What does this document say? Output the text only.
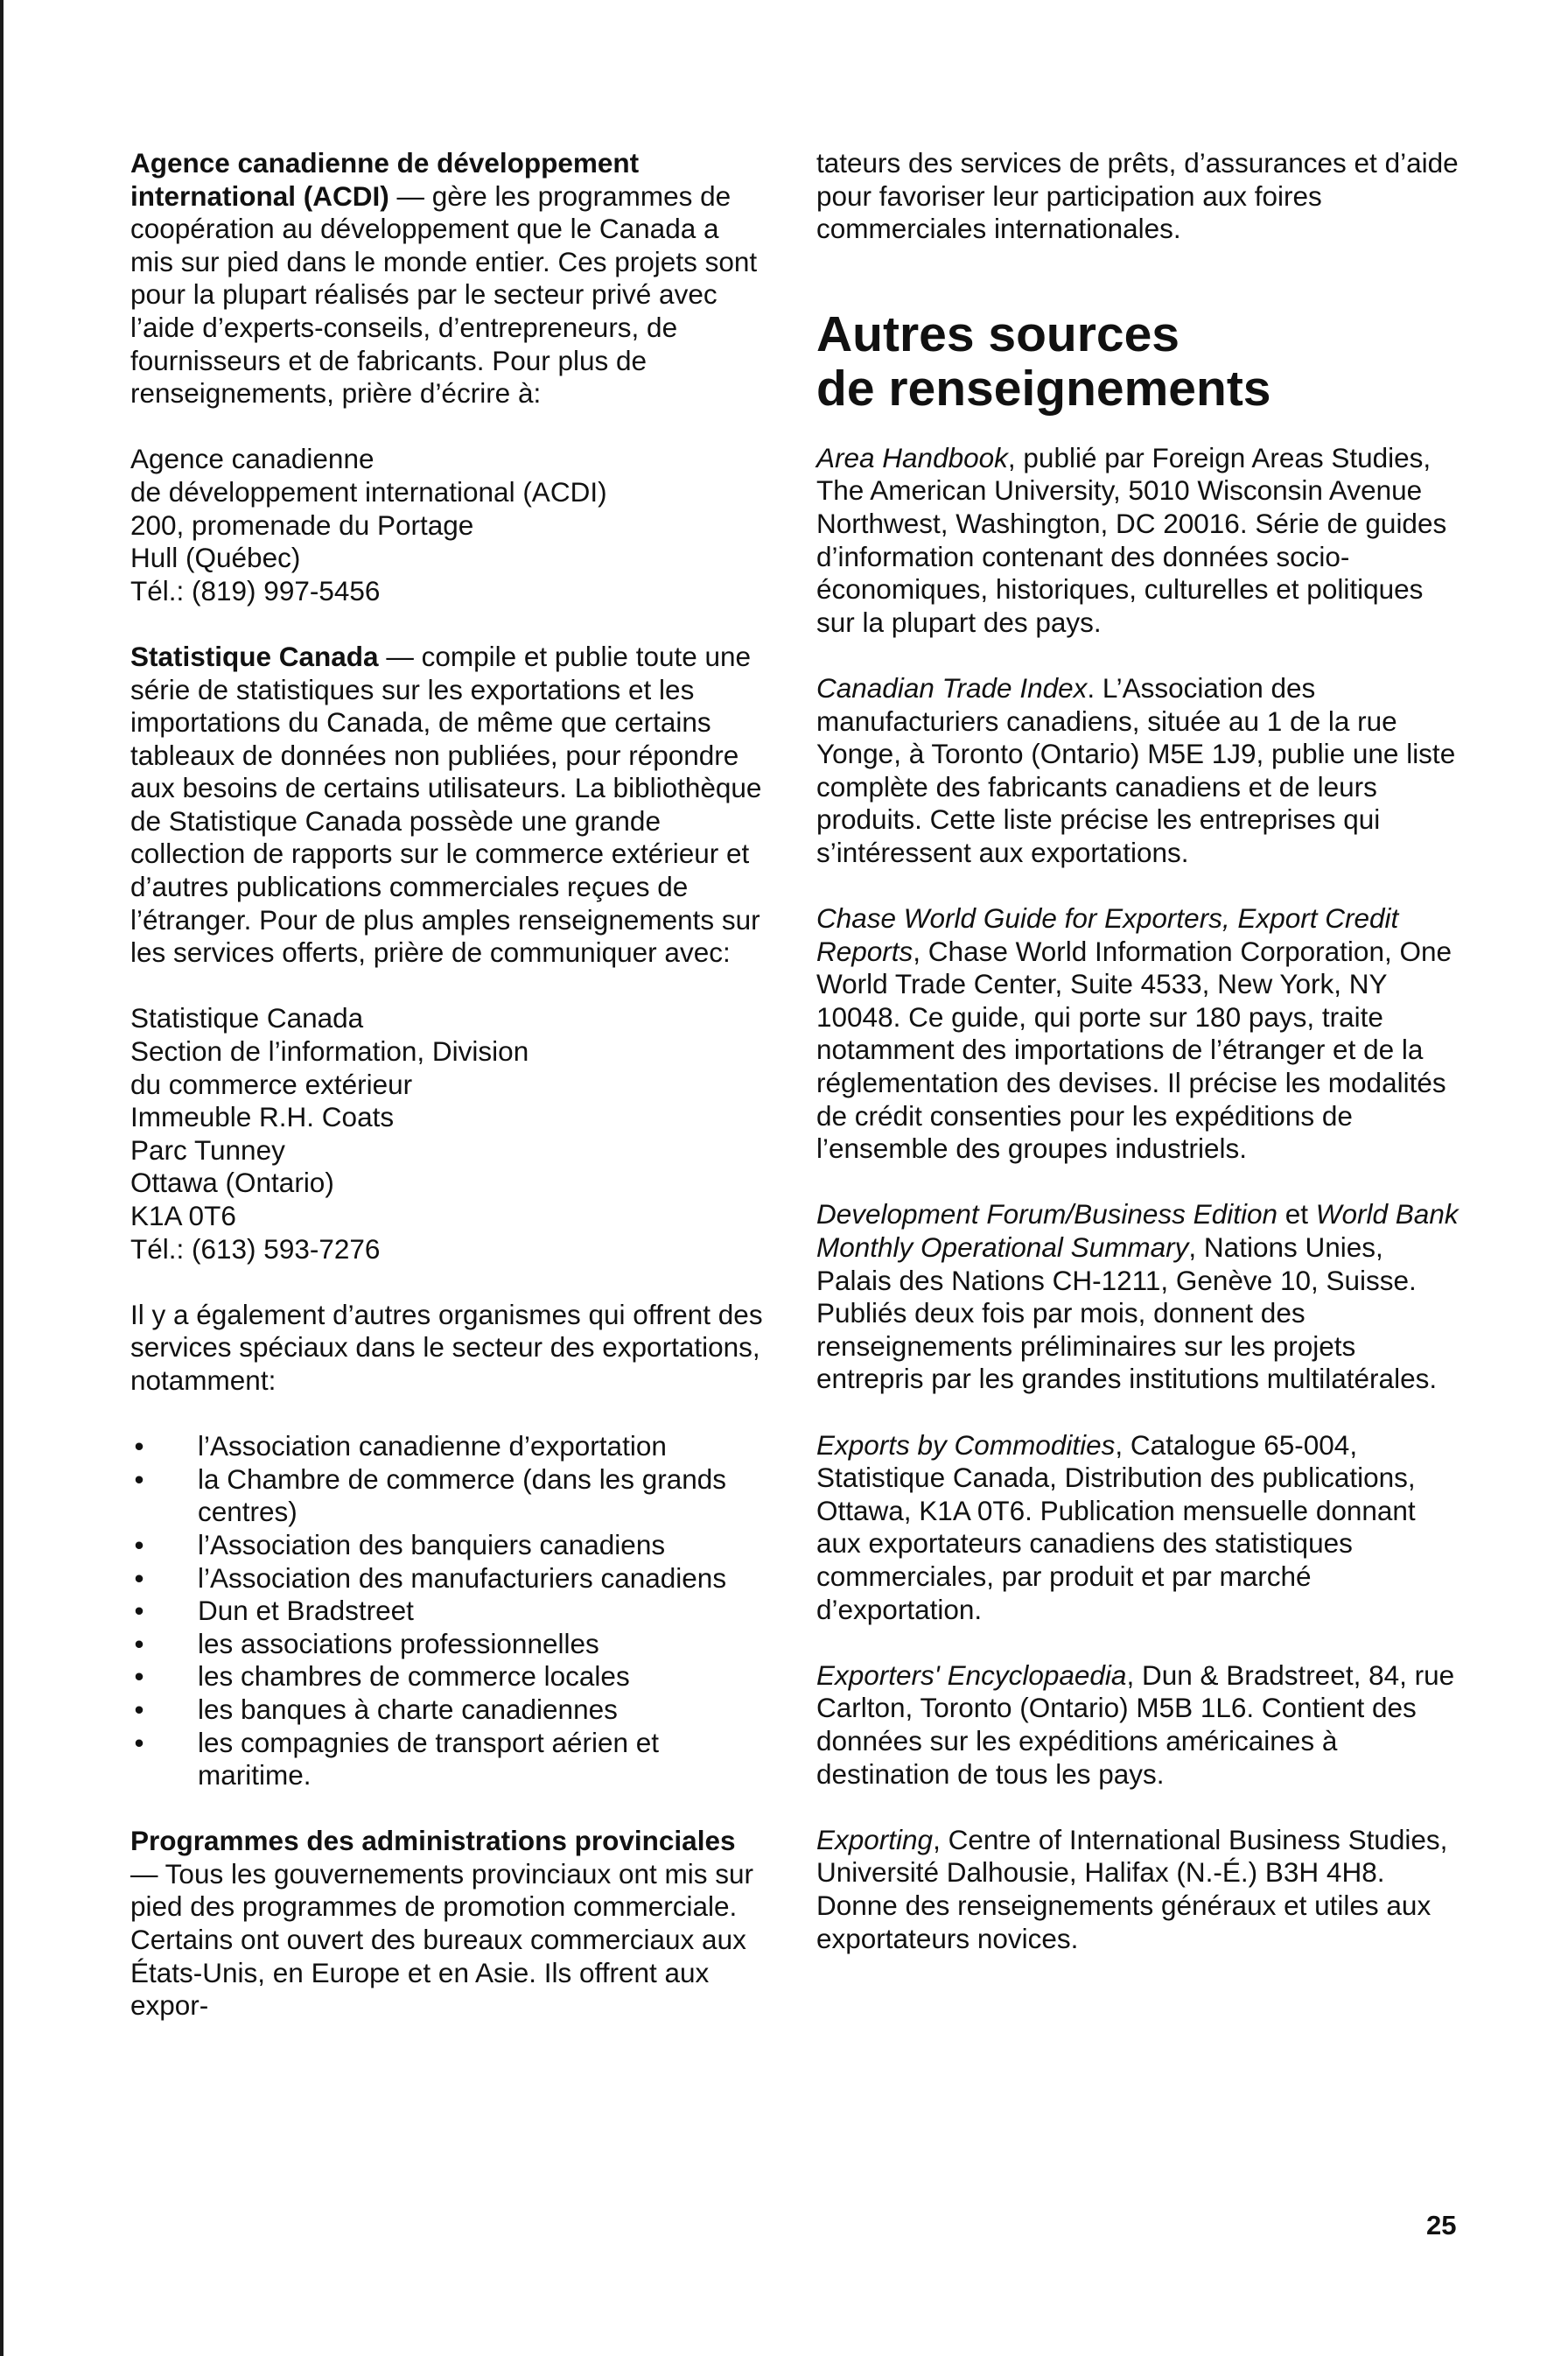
Agence canadienne de développement international (ACDI) — gère les programmes de coopération au développement que le Canada a mis sur pied dans le monde entier. Ces projets sont pour la plupart réalisés par le secteur privé avec l’aide d’experts-conseils, d’entrepreneurs, de fournisseurs et de fabricants. Pour plus de renseignements, prière d’écrire à:

Agence canadienne
de développement international (ACDI)
200, promenade du Portage
Hull (Québec)
Tél.: (819) 997-5456

Statistique Canada — compile et publie toute une série de statistiques sur les exportations et les importations du Canada, de même que certains tableaux de données non publiées, pour répondre aux besoins de certains utilisateurs. La bibliothèque de Statistique Canada possède une grande collection de rapports sur le commerce extérieur et d’autres publications commerciales reçues de l’étranger. Pour de plus amples renseignements sur les services offerts, prière de communiquer avec:

Statistique Canada
Section de l’information, Division
du commerce extérieur
Immeuble R.H. Coats
Parc Tunney
Ottawa (Ontario)
K1A 0T6
Tél.: (613) 593-7276

Il y a également d’autres organismes qui offrent des services spéciaux dans le secteur des exportations, notamment:

• l’Association canadienne d’exportation
• la Chambre de commerce (dans les grands centres)
• l’Association des banquiers canadiens
• l’Association des manufacturiers canadiens
• Dun et Bradstreet
• les associations professionnelles
• les chambres de commerce locales
• les banques à charte canadiennes
• les compagnies de transport aérien et maritime.

Programmes des administrations provinciales — Tous les gouvernements provinciaux ont mis sur pied des programmes de promotion commerciale. Certains ont ouvert des bureaux commerciaux aux États-Unis, en Europe et en Asie. Ils offrent aux expor-

tateurs des services de prêts, d’assurances et d’aide pour favoriser leur participation aux foires commerciales internationales.

Autres sources
de renseignements

Area Handbook, publié par Foreign Areas Studies, The American University, 5010 Wisconsin Avenue Northwest, Washington, DC 20016. Série de guides d’information contenant des données socio-économiques, historiques, culturelles et politiques sur la plupart des pays.

Canadian Trade Index. L’Association des manufacturiers canadiens, située au 1 de la rue Yonge, à Toronto (Ontario) M5E 1J9, publie une liste complète des fabricants canadiens et de leurs produits. Cette liste précise les entreprises qui s’intéressent aux exportations.

Chase World Guide for Exporters, Export Credit Reports, Chase World Information Corporation, One World Trade Center, Suite 4533, New York, NY 10048. Ce guide, qui porte sur 180 pays, traite notamment des importations de l’étranger et de la réglementation des devises. Il précise les modalités de crédit consenties pour les expéditions de l’ensemble des groupes industriels.

Development Forum/Business Edition et World Bank Monthly Operational Summary, Nations Unies, Palais des Nations CH-1211, Genève 10, Suisse. Publiés deux fois par mois, donnent des renseignements préliminaires sur les projets entrepris par les grandes institutions multilatérales.

Exports by Commodities, Catalogue 65-004, Statistique Canada, Distribution des publications, Ottawa, K1A 0T6. Publication mensuelle donnant aux exportateurs canadiens des statistiques commerciales, par produit et par marché d’exportation.

Exporters' Encyclopaedia, Dun & Bradstreet, 84, rue Carlton, Toronto (Ontario) M5B 1L6. Contient des données sur les expéditions américaines à destination de tous les pays.

Exporting, Centre of International Business Studies, Université Dalhousie, Halifax (N.-É.) B3H 4H8. Donne des renseignements généraux et utiles aux exportateurs novices.

25
